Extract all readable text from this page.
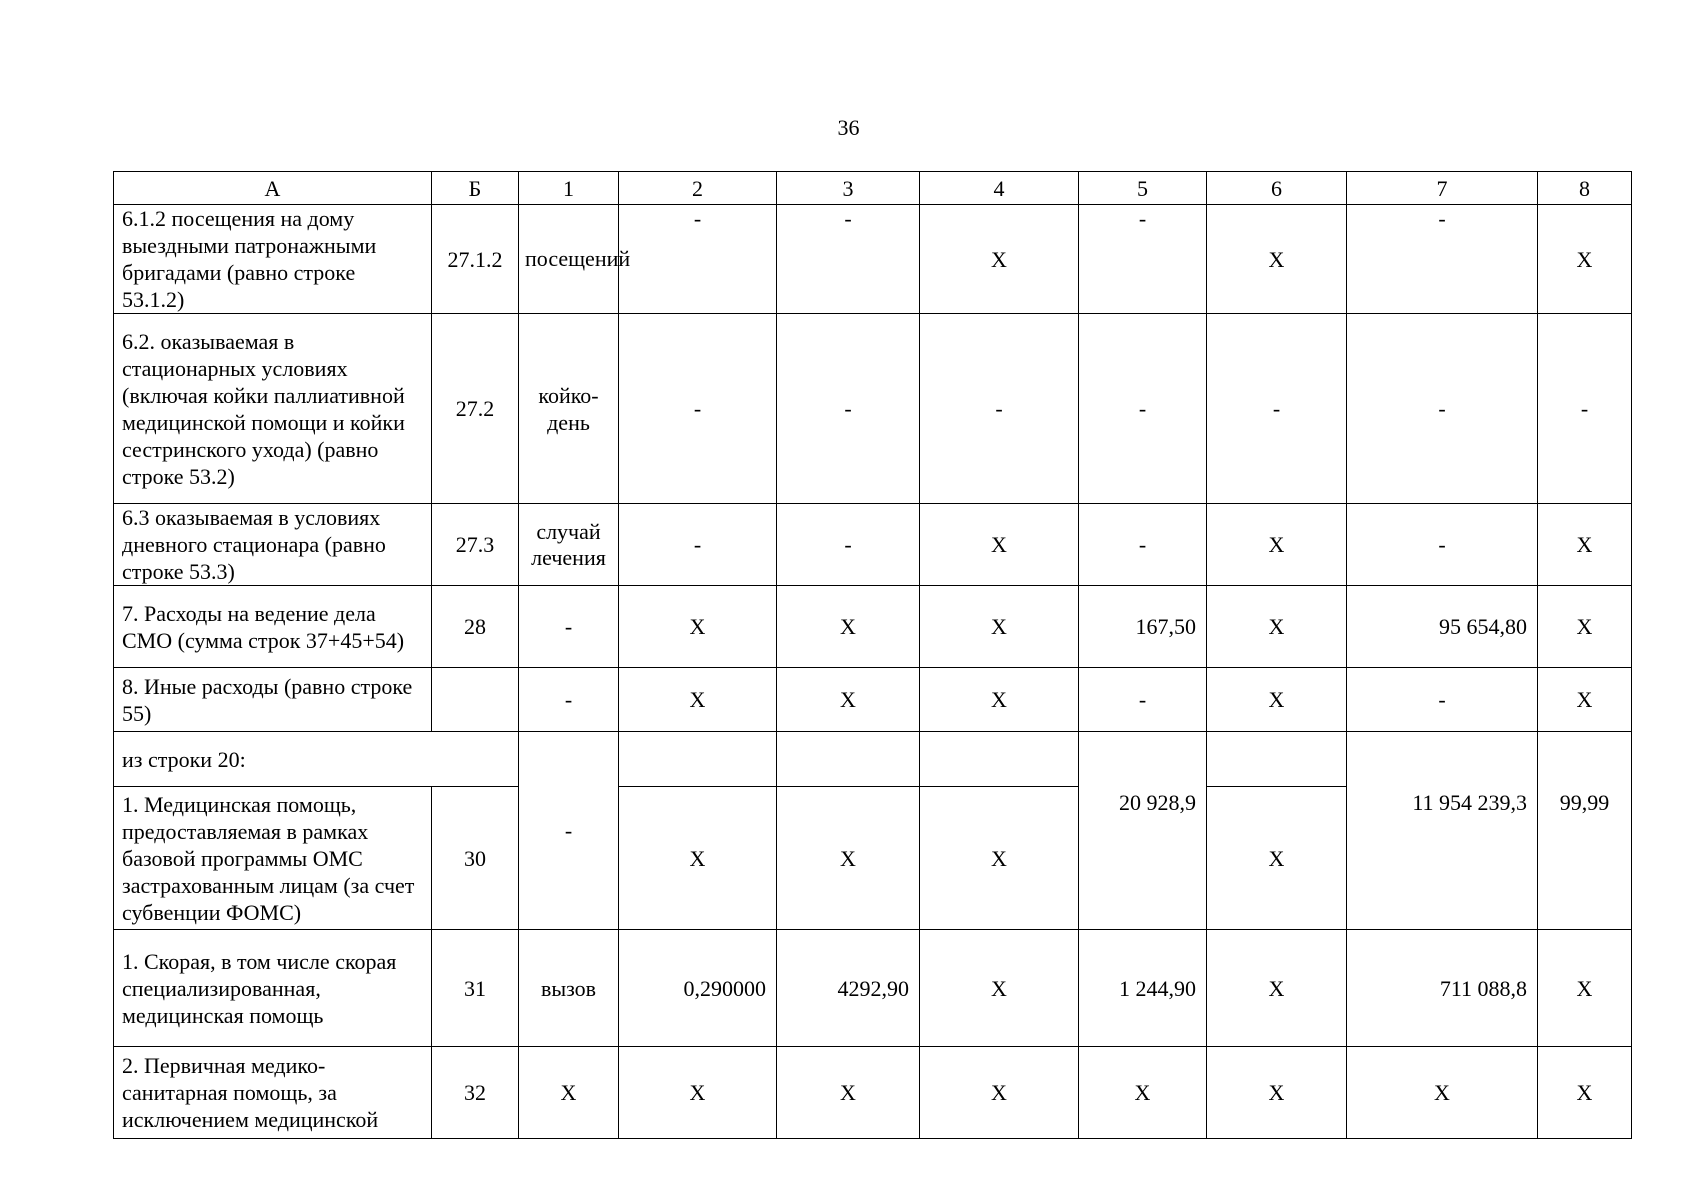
36
А	Б	1	2	3	4	5	6	7	8
6.1.2 посещения на дому выездными патронажными бригадами (равно строке 53.1.2)	27.1.2	посещений	-	-	Х	-	Х	-	Х
6.2. оказываемая в стационарных условиях (включая койки паллиативной медицинской помощи и койки сестринского ухода) (равно строке 53.2)	27.2	койко-день	-	-	-	-	-	-	-
6.3 оказываемая в условиях дневного стационара (равно строке 53.3)	27.3	случай лечения	-	-	Х	-	Х	-	Х
7. Расходы на ведение дела СМО (сумма строк 37+45+54)	28	-	Х	Х	Х	167,50	Х	95 654,80	Х
8. Иные расходы (равно строке 55)		-	Х	Х	Х	-	Х	-	Х
из строки 20:		-				20 928,9		11 954 239,3	99,99
1. Медицинская помощь, предоставляемая в рамках базовой программы ОМС застрахованным лицам (за счет субвенции ФОМС)	30		Х	Х	Х		Х		
1. Скорая, в том числе скорая специализированная, медицинская помощь	31	вызов	0,290000	4292,90	Х	1 244,90	Х	711 088,8	Х
2. Первичная медико-санитарная помощь, за исключением медицинской	32	Х	Х	Х	Х	Х	Х	Х	Х
